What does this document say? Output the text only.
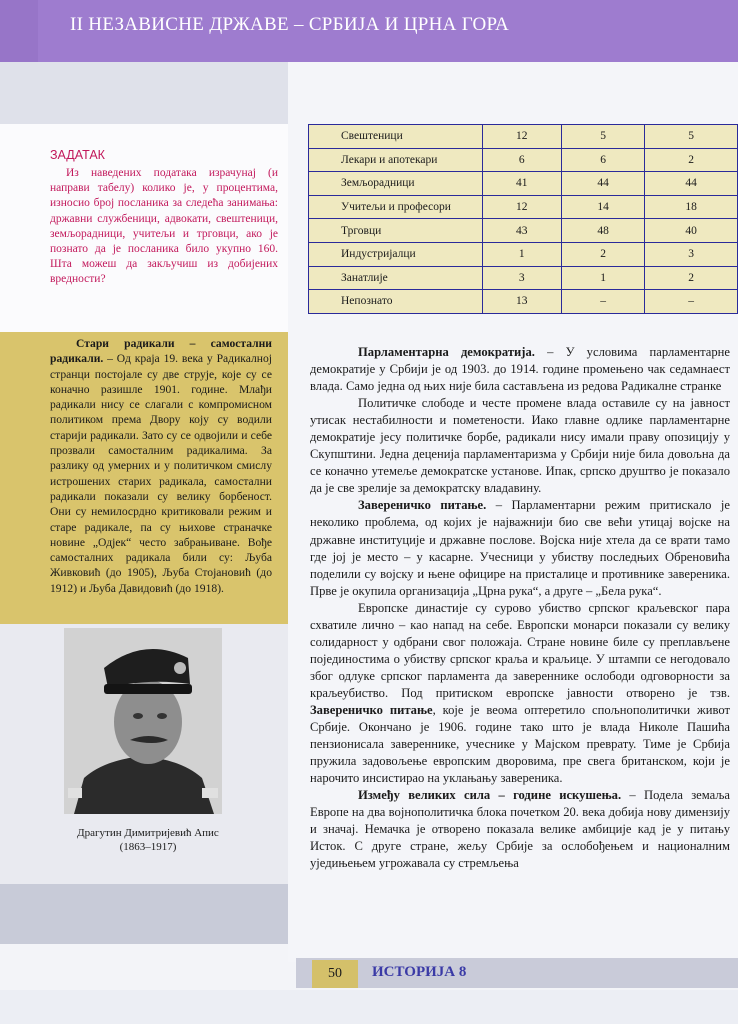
II НЕЗАВИСНЕ ДРЖАВЕ – СРБИЈА И ЦРНА ГОРА
ЗАДАТАК

Из наведених података израчунај (и направи табелу) колико је, у процентима, износио број посланика за следећа занимања: државни службеници, адвокати, свештеници, земљорадници, учитељи и трговци, ако је познато да је посланика било укупно 160. Шта можеш да закључиш из добијених вредности?

Стари радикали – самостални радикали. – Од краја 19. века у Радикалној странци постојале су две струје, које су се коначно разишле 1901. године. Млађи радикали нису се слагали с компромисном политиком према Двору коју су водили старији радикали. Зато су се одвојили и себе прозвали самосталним радикалима. За разлику од умерних и у политичком смислу истрошених старих радикала, самостални радикали показали су велику борбеност. Они су немилосрдно критиковали режим и старе радикале, па су њихове страначке новине „Одјек“ често забрањиване. Вође самосталних радикала били су: Љуба Живковић (до 1905), Љуба Стојановић (до 1912) и Љуба Давидовић (до 1918).

Драгутин Димитријевић Апис
(1863–1917)
Свештеници	12	5	5
Лекари и апотекари	6	6	2
Земљорадници	41	44	44
Учитељи и професори	12	14	18
Трговци	43	48	40
Индустријалци	1	2	3
Занатлије	3	1	2
Непознато	13	–	–

Парламентарна демократија. – У условима парламентарне демократије у Србији је од 1903. до 1914. године промењено чак седамнаест влада. Само једна од њих није била састављена из редова Радикалне странке

Политичке слободе и честе промене влада оставиле су на јавност утисак нестабилности и пометености. Иако главне одлике парламентарне демократије јесу политичке борбе, радикали нису имали праву опозицију у Скупштини. Једна деценија парламентаризма у Србији није била довољна да се коначно утемеље демократске установе. Ипак, српско друштво је показало да је све зрелије за демократску владавину.

Завереничко питање. – Парламентарни режим притискало је неколико проблема, од којих је најважнији био све већи утицај војске на државне институције и државне послове. Војска није хтела да се врати тамо где јој је место – у касарне. Учесници у убиству последњих Обреновића поделили су војску и њене официре на присталице и противнике завереника. Прве је окупила организација „Црна рука“, а друге – „Бела рука“.

Европске династије су сурово убиство српског краљевског пара схватиле лично – као напад на себе. Европски монарси показали су велику солидарност у одбрани свог положаја. Стране новине биле су преплављене појединостима о убиству српског краља и краљице. У штампи се негодовало због одлуке српског парламента да завереннике ослободи одговорности за краљеубиство. Под притиском европске јавности отворено је тзв. Завереничко питање, које је веома оптеретило спољнополитички живот Србије. Окончано је 1906. године тако што је влада Николе Пашића пензионисала завереннике, учеснике у Мајском преврату. Тиме је Србија пружила задовољење европским дворовима, пре свега британском, који је нарочито инсистирао на уклањању завереника.

Између великих сила – године искушења. – Подела земаља Европе на два војнополитичка блока почетком 20. века добија нову димензију и значај. Немачка је отворено показала велике амбиције кад је у питању Исток. С друге стране, жељу Србије за ослобођењем и националним уједињењем угрожавала су стремљења

50	ИСТОРИЈА 8
